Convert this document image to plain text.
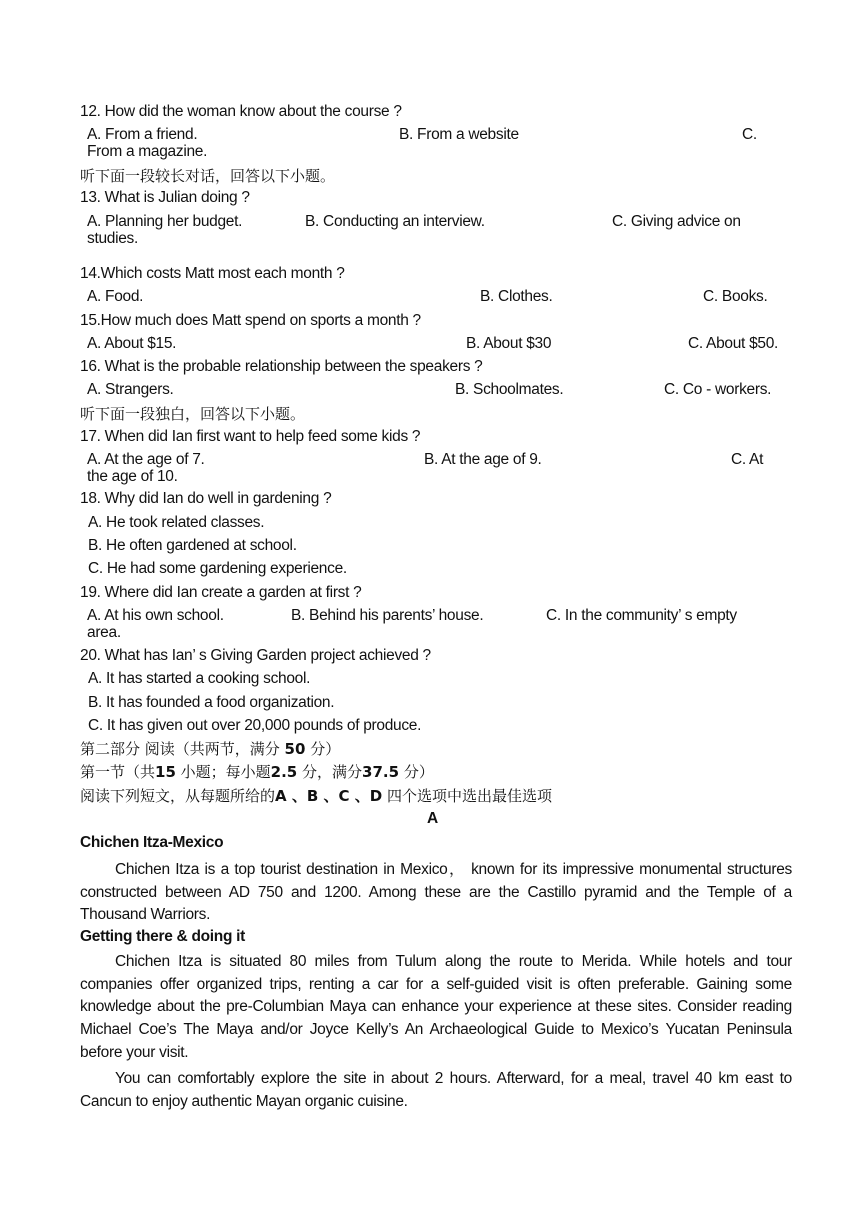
12. How did the woman know about the course ?
A. From a friend.	B. From a website	C.
From a magazine.
听下面一段较长对话，回答以下小题。
13. What is Julian doing ?
A. Planning her budget.	B. Conducting an interview.	C. Giving advice on
studies.
14.Which costs Matt most each month ?
A. Food.	B. Clothes.	C. Books.
15.How much does Matt spend on sports a month ?
A. About $15.	B. About $30	C. About $50.
16. What is the probable relationship between the speakers ?
A. Strangers.	B. Schoolmates.	C. Co - workers.
听下面一段独白，回答以下小题。
17. When did Ian first want to help feed some kids ?
A. At the age of 7.	B. At the age of 9.	C. At
the age of 10.
18. Why did Ian do well in gardening ?
A. He took related classes.
B. He often gardened at school.
C. He had some gardening experience.
19. Where did Ian create a garden at first ?
A. At his own school.	B. Behind his parents’ house.	C. In the community’ s empty
area.
20. What has Ian’ s Giving Garden project achieved ?
A. It has started a cooking school.
B. It has founded a food organization.
C. It has given out over 20,000 pounds of produce.
第二部分 阅读（共两节，满分 50 分）
第一节（共15 小题；每小题2.5 分，满分37.5 分）
阅读下列短文，从每题所给的A 、B 、C 、D 四个选项中选出最佳选项
A
Chichen Itza-Mexico
Chichen Itza is a top tourist destination in Mexico， known for its impressive monumental structures constructed between AD 750 and 1200. Among these are the Castillo pyramid and the Temple of a Thousand Warriors.
Getting there & doing it
Chichen Itza is situated 80 miles from Tulum along the route to Merida. While hotels and tour companies offer organized trips, renting a car for a self-guided visit is often preferable. Gaining some knowledge about the pre-Columbian Maya can enhance your experience at these sites. Consider reading Michael Coe’s The Maya and/or Joyce Kelly’s An Archaeological Guide to Mexico’s Yucatan Peninsula before your visit.
You can comfortably explore the site in about 2 hours. Afterward, for a meal, travel 40 km east to Cancun to enjoy authentic Mayan organic cuisine.
